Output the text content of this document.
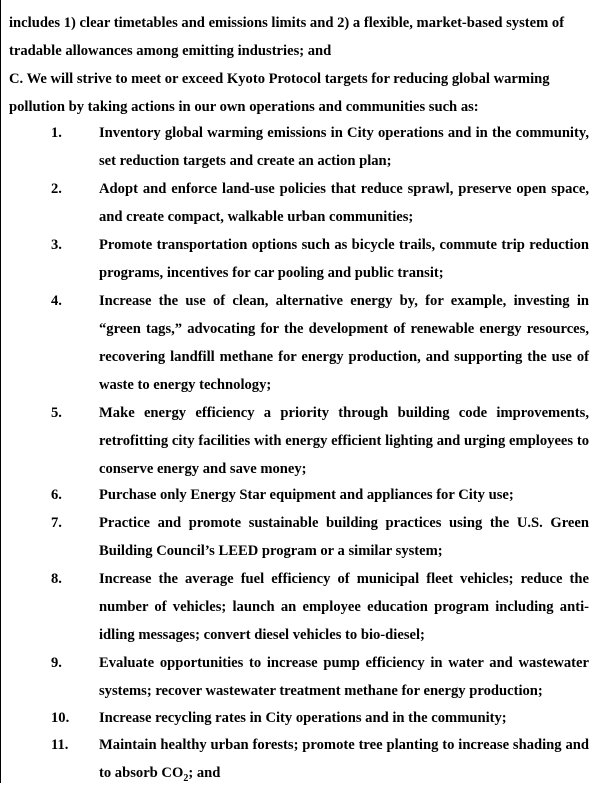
includes 1) clear timetables and emissions limits and 2) a flexible, market-based system of
tradable allowances among emitting industries; and
C. We will strive to meet or exceed Kyoto Protocol targets for reducing global warming
pollution by taking actions in our own operations and communities such as:
1.	Inventory global warming emissions in City operations and in the community, set reduction targets and create an action plan;
2.	Adopt and enforce land-use policies that reduce sprawl, preserve open space, and create compact, walkable urban communities;
3.	Promote transportation options such as bicycle trails, commute trip reduction programs, incentives for car pooling and public transit;
4.	Increase the use of clean, alternative energy by, for example, investing in “green tags,” advocating for the development of renewable energy resources, recovering landfill methane for energy production, and supporting the use of waste to energy technology;
5.	Make energy efficiency a priority through building code improvements, retrofitting city facilities with energy efficient lighting and urging employees to conserve energy and save money;
6.	Purchase only Energy Star equipment and appliances for City use;
7.	Practice and promote sustainable building practices using the U.S. Green Building Council’s LEED program or a similar system;
8.	Increase the average fuel efficiency of municipal fleet vehicles; reduce the number of vehicles; launch an employee education program including anti-idling messages; convert diesel vehicles to bio-diesel;
9.	Evaluate opportunities to increase pump efficiency in water and wastewater systems; recover wastewater treatment methane for energy production;
10.	Increase recycling rates in City operations and in the community;
11.	Maintain healthy urban forests; promote tree planting to increase shading and to absorb $CO_2$; and
